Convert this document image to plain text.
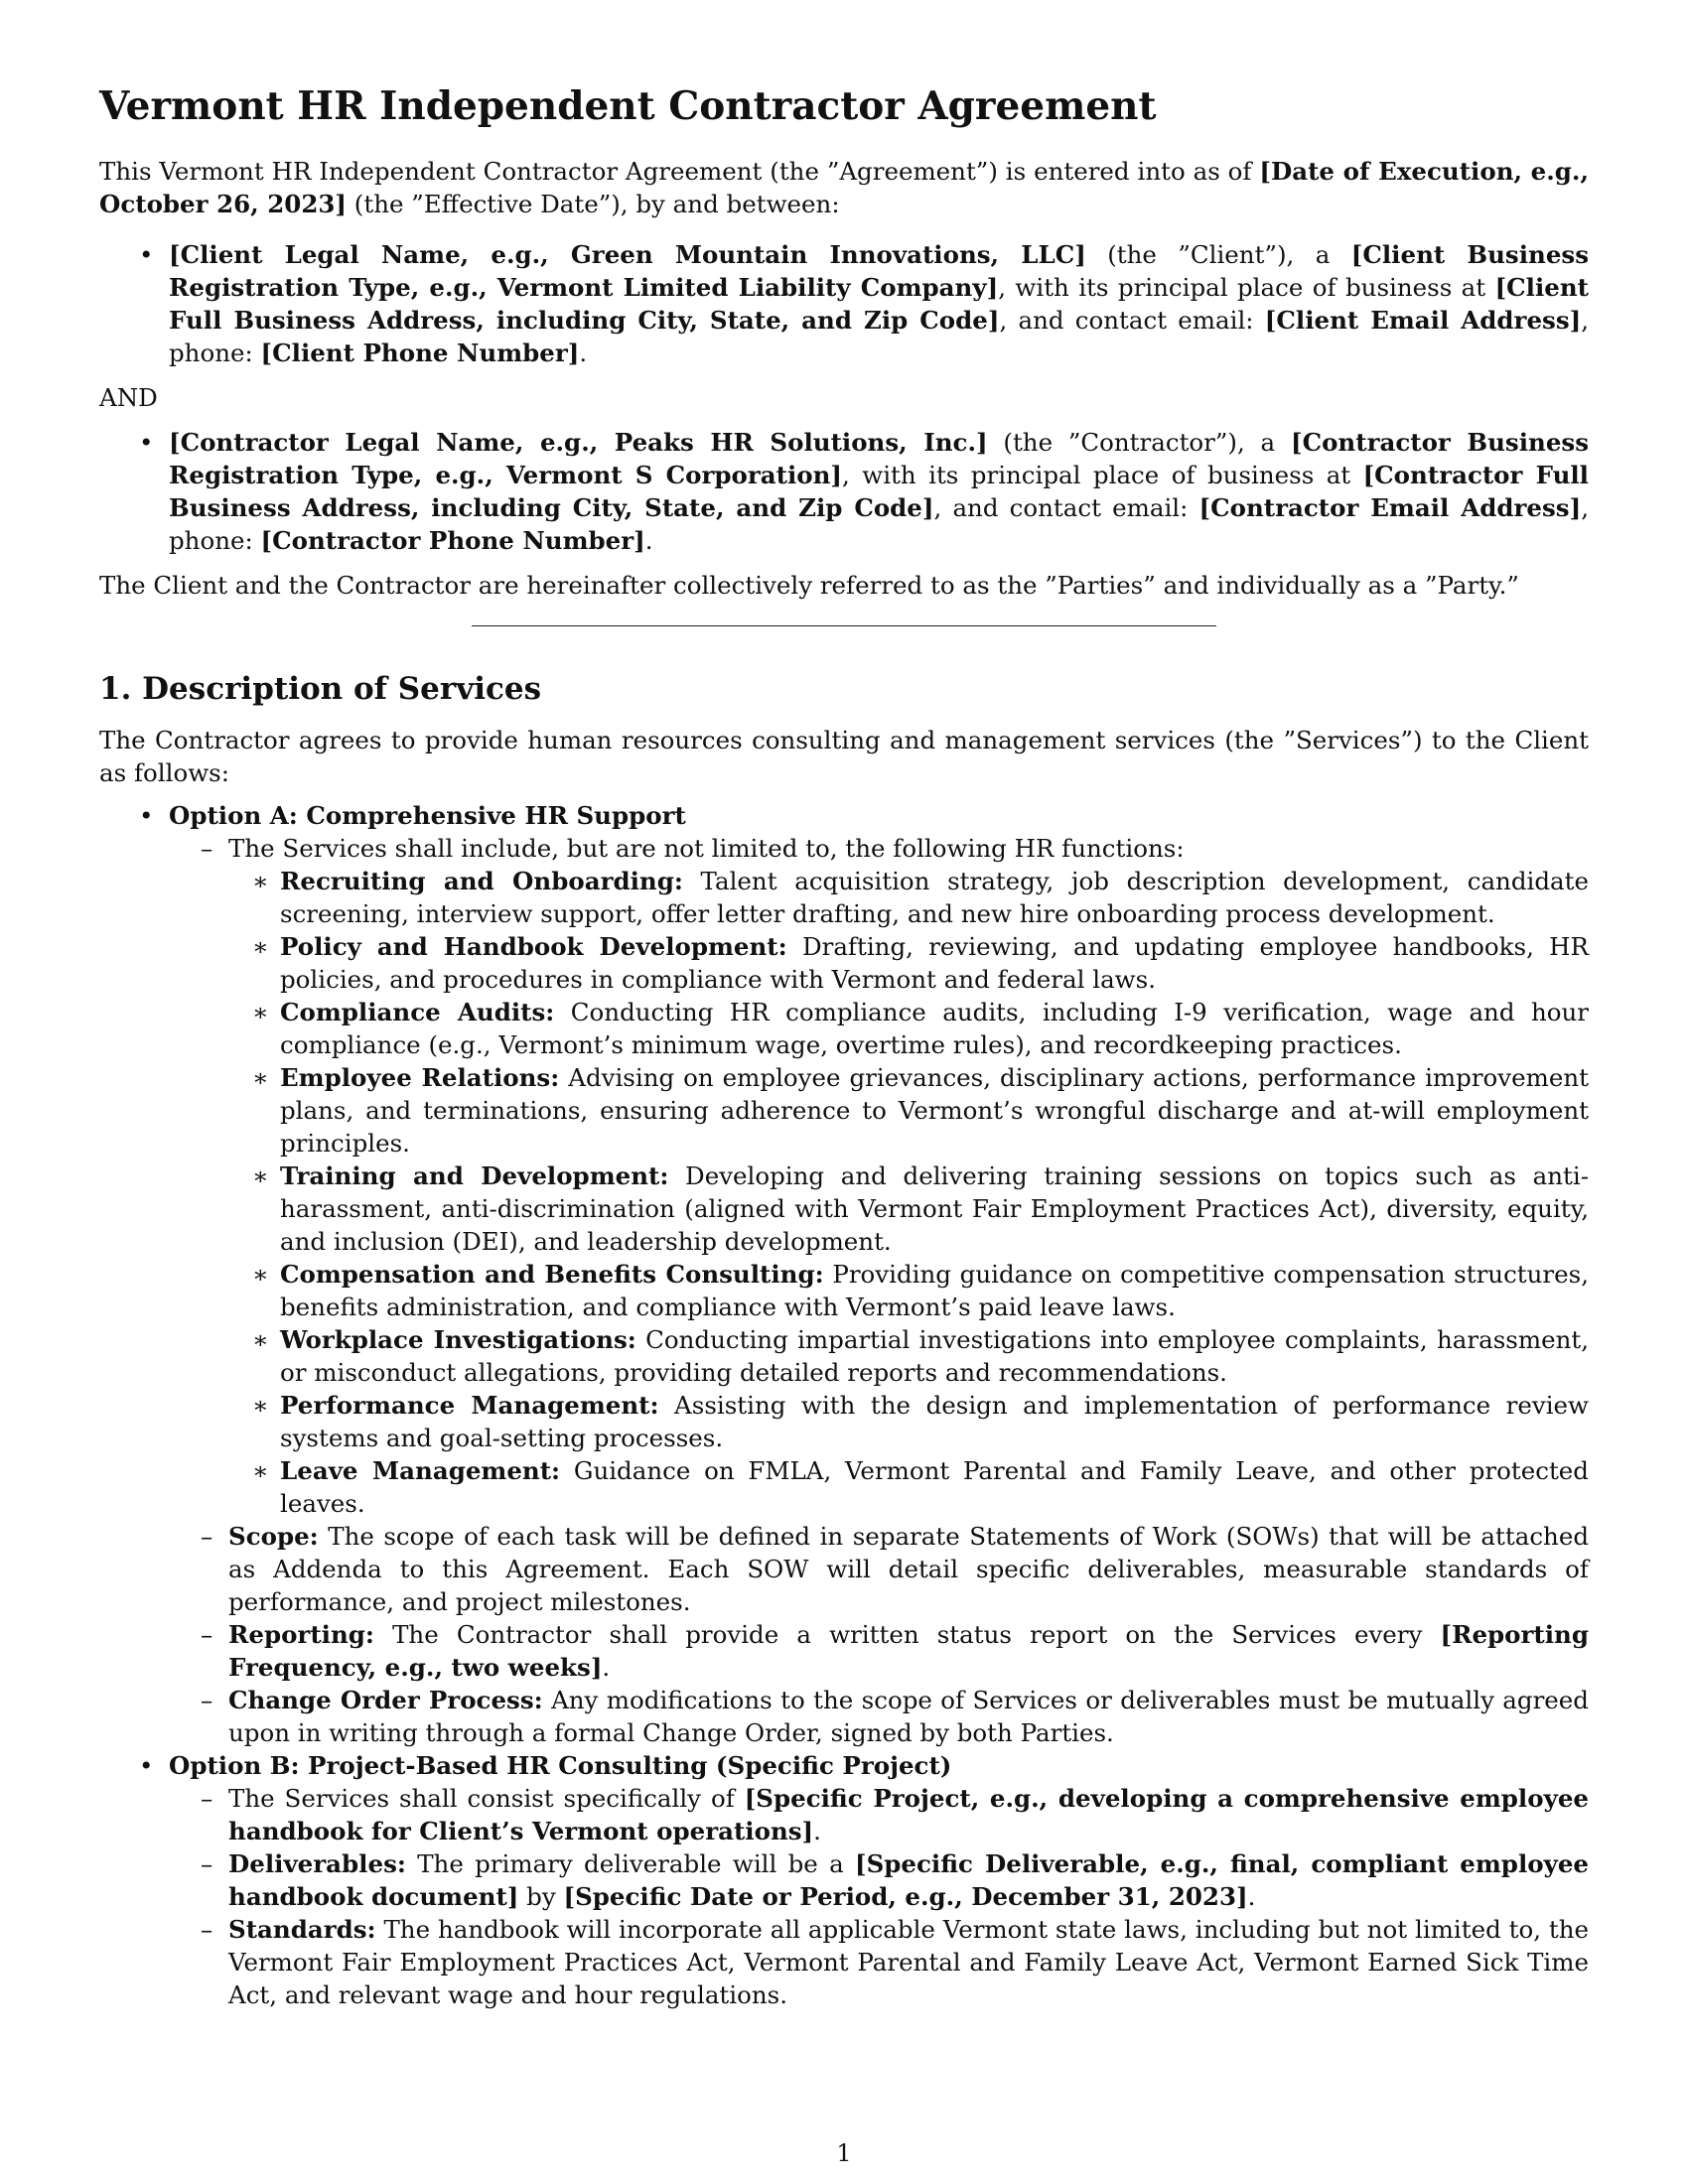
Vermont HR Independent Contractor Agreement

This Vermont HR Independent Contractor Agreement (the ”Agreement”) is entered into as of [Date of Execution, e.g., October 26, 2023] (the ”Effective Date”), by and between:

• [Client Legal Name, e.g., Green Mountain Innovations, LLC] (the ”Client”), a [Client Business Registration Type, e.g., Vermont Limited Liability Company], with its principal place of business at [Client Full Business Address, including City, State, and Zip Code], and contact email: [Client Email Address], phone: [Client Phone Number].

AND

• [Contractor Legal Name, e.g., Peaks HR Solutions, Inc.] (the ”Contractor”), a [Contractor Business Registration Type, e.g., Vermont S Corporation], with its principal place of business at [Contractor Full Business Address, including City, State, and Zip Code], and contact email: [Contractor Email Address], phone: [Contractor Phone Number].

The Client and the Contractor are hereinafter collectively referred to as the ”Parties” and individually as a ”Party.”

1. Description of Services

The Contractor agrees to provide human resources consulting and management services (the ”Services”) to the Client as follows:

• Option A: Comprehensive HR Support
– The Services shall include, but are not limited to, the following HR functions:
∗ Recruiting and Onboarding: Talent acquisition strategy, job description development, candidate screening, interview support, offer letter drafting, and new hire onboarding process development.
∗ Policy and Handbook Development: Drafting, reviewing, and updating employee handbooks, HR policies, and procedures in compliance with Vermont and federal laws.
∗ Compliance Audits: Conducting HR compliance audits, including I-9 verification, wage and hour compliance (e.g., Vermont’s minimum wage, overtime rules), and recordkeeping practices.
∗ Employee Relations: Advising on employee grievances, disciplinary actions, performance improvement plans, and terminations, ensuring adherence to Vermont’s wrongful discharge and at-will employment principles.
∗ Training and Development: Developing and delivering training sessions on topics such as anti-harassment, anti-discrimination (aligned with Vermont Fair Employment Practices Act), diversity, equity, and inclusion (DEI), and leadership development.
∗ Compensation and Benefits Consulting: Providing guidance on competitive compensation structures, benefits administration, and compliance with Vermont’s paid leave laws.
∗ Workplace Investigations: Conducting impartial investigations into employee complaints, harassment, or misconduct allegations, providing detailed reports and recommendations.
∗ Performance Management: Assisting with the design and implementation of performance review systems and goal-setting processes.
∗ Leave Management: Guidance on FMLA, Vermont Parental and Family Leave, and other protected leaves.
– Scope: The scope of each task will be defined in separate Statements of Work (SOWs) that will be attached as Addenda to this Agreement. Each SOW will detail specific deliverables, measurable standards of performance, and project milestones.
– Reporting: The Contractor shall provide a written status report on the Services every [Reporting Frequency, e.g., two weeks].
– Change Order Process: Any modifications to the scope of Services or deliverables must be mutually agreed upon in writing through a formal Change Order, signed by both Parties.
• Option B: Project-Based HR Consulting (Specific Project)
– The Services shall consist specifically of [Specific Project, e.g., developing a comprehensive employee handbook for Client’s Vermont operations].
– Deliverables: The primary deliverable will be a [Specific Deliverable, e.g., final, compliant employee handbook document] by [Specific Date or Period, e.g., December 31, 2023].
– Standards: The handbook will incorporate all applicable Vermont state laws, including but not limited to, the Vermont Fair Employment Practices Act, Vermont Parental and Family Leave Act, Vermont Earned Sick Time Act, and relevant wage and hour regulations.
1
